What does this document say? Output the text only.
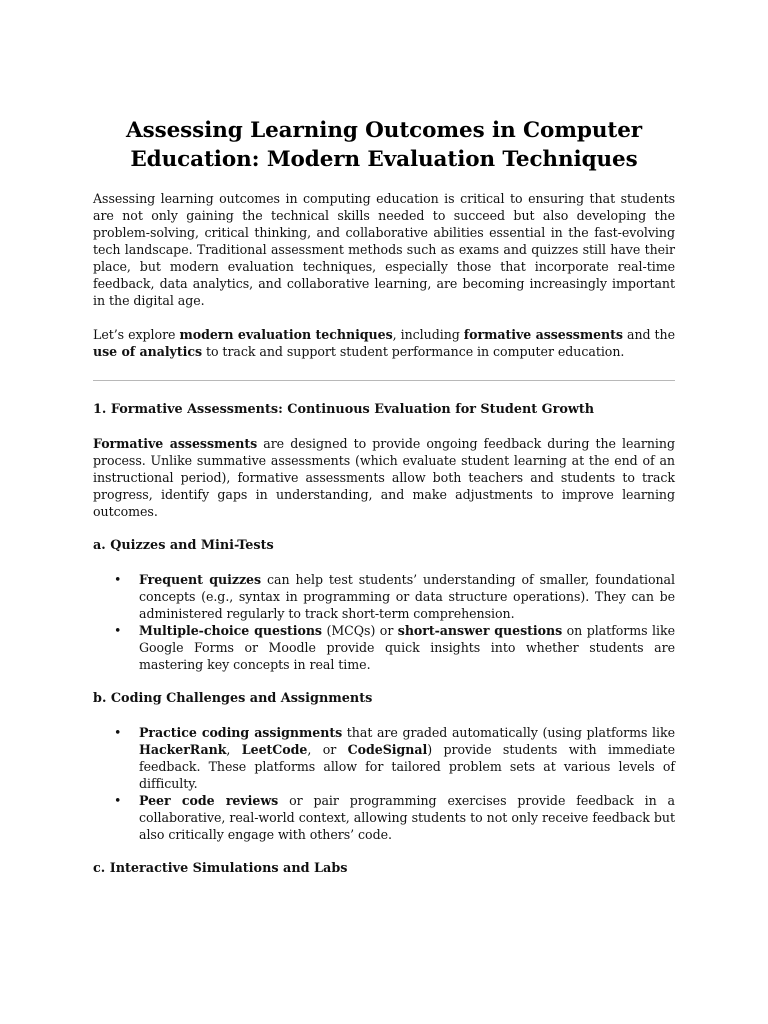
Assessing Learning Outcomes in Computer Education: Modern Evaluation Techniques

Assessing learning outcomes in computing education is critical to ensuring that students are not only gaining the technical skills needed to succeed but also developing the problem-solving, critical thinking, and collaborative abilities essential in the fast-evolving tech landscape. Traditional assessment methods such as exams and quizzes still have their place, but modern evaluation techniques, especially those that incorporate real-time feedback, data analytics, and collaborative learning, are becoming increasingly important in the digital age.

Let’s explore modern evaluation techniques, including formative assessments and the use of analytics to track and support student performance in computer education.

1. Formative Assessments: Continuous Evaluation for Student Growth

Formative assessments are designed to provide ongoing feedback during the learning process. Unlike summative assessments (which evaluate student learning at the end of an instructional period), formative assessments allow both teachers and students to track progress, identify gaps in understanding, and make adjustments to improve learning outcomes.

a. Quizzes and Mini-Tests
• Frequent quizzes can help test students’ understanding of smaller, foundational concepts (e.g., syntax in programming or data structure operations). They can be administered regularly to track short-term comprehension.

• Multiple-choice questions (MCQs) or short-answer questions on platforms like Google Forms or Moodle provide quick insights into whether students are mastering key concepts in real time.

b. Coding Challenges and Assignments
• Practice coding assignments that are graded automatically (using platforms like HackerRank, LeetCode, or CodeSignal) provide students with immediate feedback. These platforms allow for tailored problem sets at various levels of difficulty.

• Peer code reviews or pair programming exercises provide feedback in a collaborative, real-world context, allowing students to not only receive feedback but also critically engage with others’ code.

c. Interactive Simulations and Labs
